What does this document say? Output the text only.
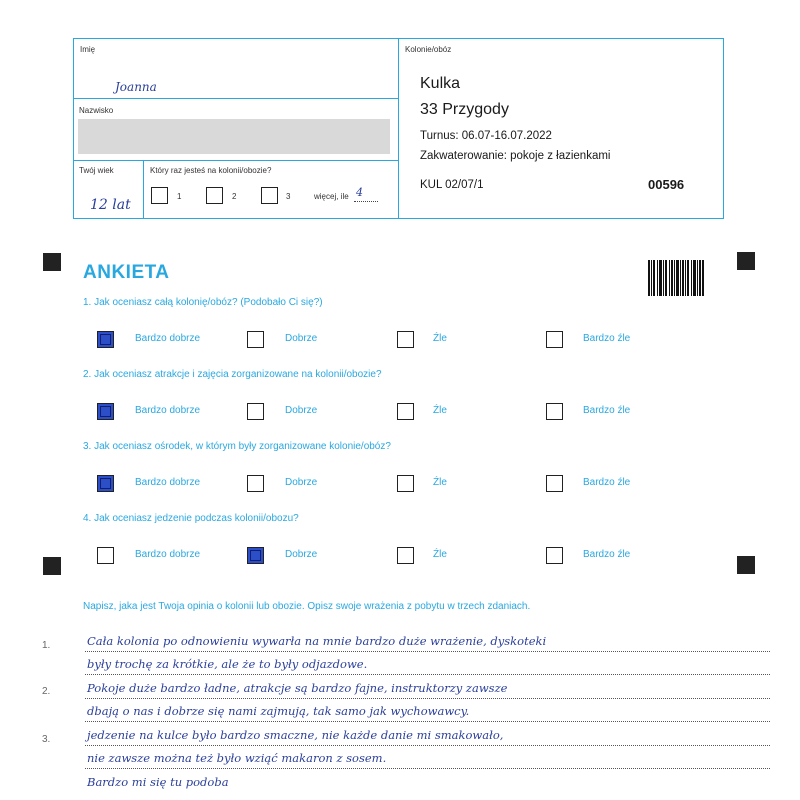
Imię
Joanna
Nazwisko
Twój wiek
12 lat
Który raz jesteś na kolonii/obozie?
1	2	3	więcej, ile 4
Kolonie/obóz
Kulka
33 Przygody
Turnus: 06.07-16.07.2022
Zakwaterowanie: pokoje z łazienkami
KUL 02/07/1	00596
ANKIETA
1. Jak oceniasz całą kolonię/obóz? (Podobało Ci się?)
Bardzo dobrze	Dobrze	Źle	Bardzo źle
2. Jak oceniasz atrakcje i zajęcia zorganizowane na kolonii/obozie?
Bardzo dobrze	Dobrze	Źle	Bardzo źle
3. Jak oceniasz ośrodek, w którym były zorganizowane kolonie/obóz?
Bardzo dobrze	Dobrze	Źle	Bardzo źle
4. Jak oceniasz jedzenie podczas kolonii/obozu?
Bardzo dobrze	Dobrze	Źle	Bardzo źle
Napisz, jaka jest Twoja opinia o kolonii lub obozie. Opisz swoje wrażenia z pobytu w trzech zdaniach.
1.
2.
3.
Cała kolonia po odnowieniu wywarła na mnie bardzo duże wrażenie, dyskoteki
były trochę za krótkie, ale że to były odjazdowe.
Pokoje duże bardzo ładne, atrakcje są bardzo fajne, instruktorzy zawsze
dbają o nas i dobrze się nami zajmują, tak samo jak wychowawcy.
jedzenie na kulce było bardzo smaczne, nie każde danie mi smakowało,
nie zawsze można też było wziąć makaron z sosem.
Bardzo mi się tu podoba
